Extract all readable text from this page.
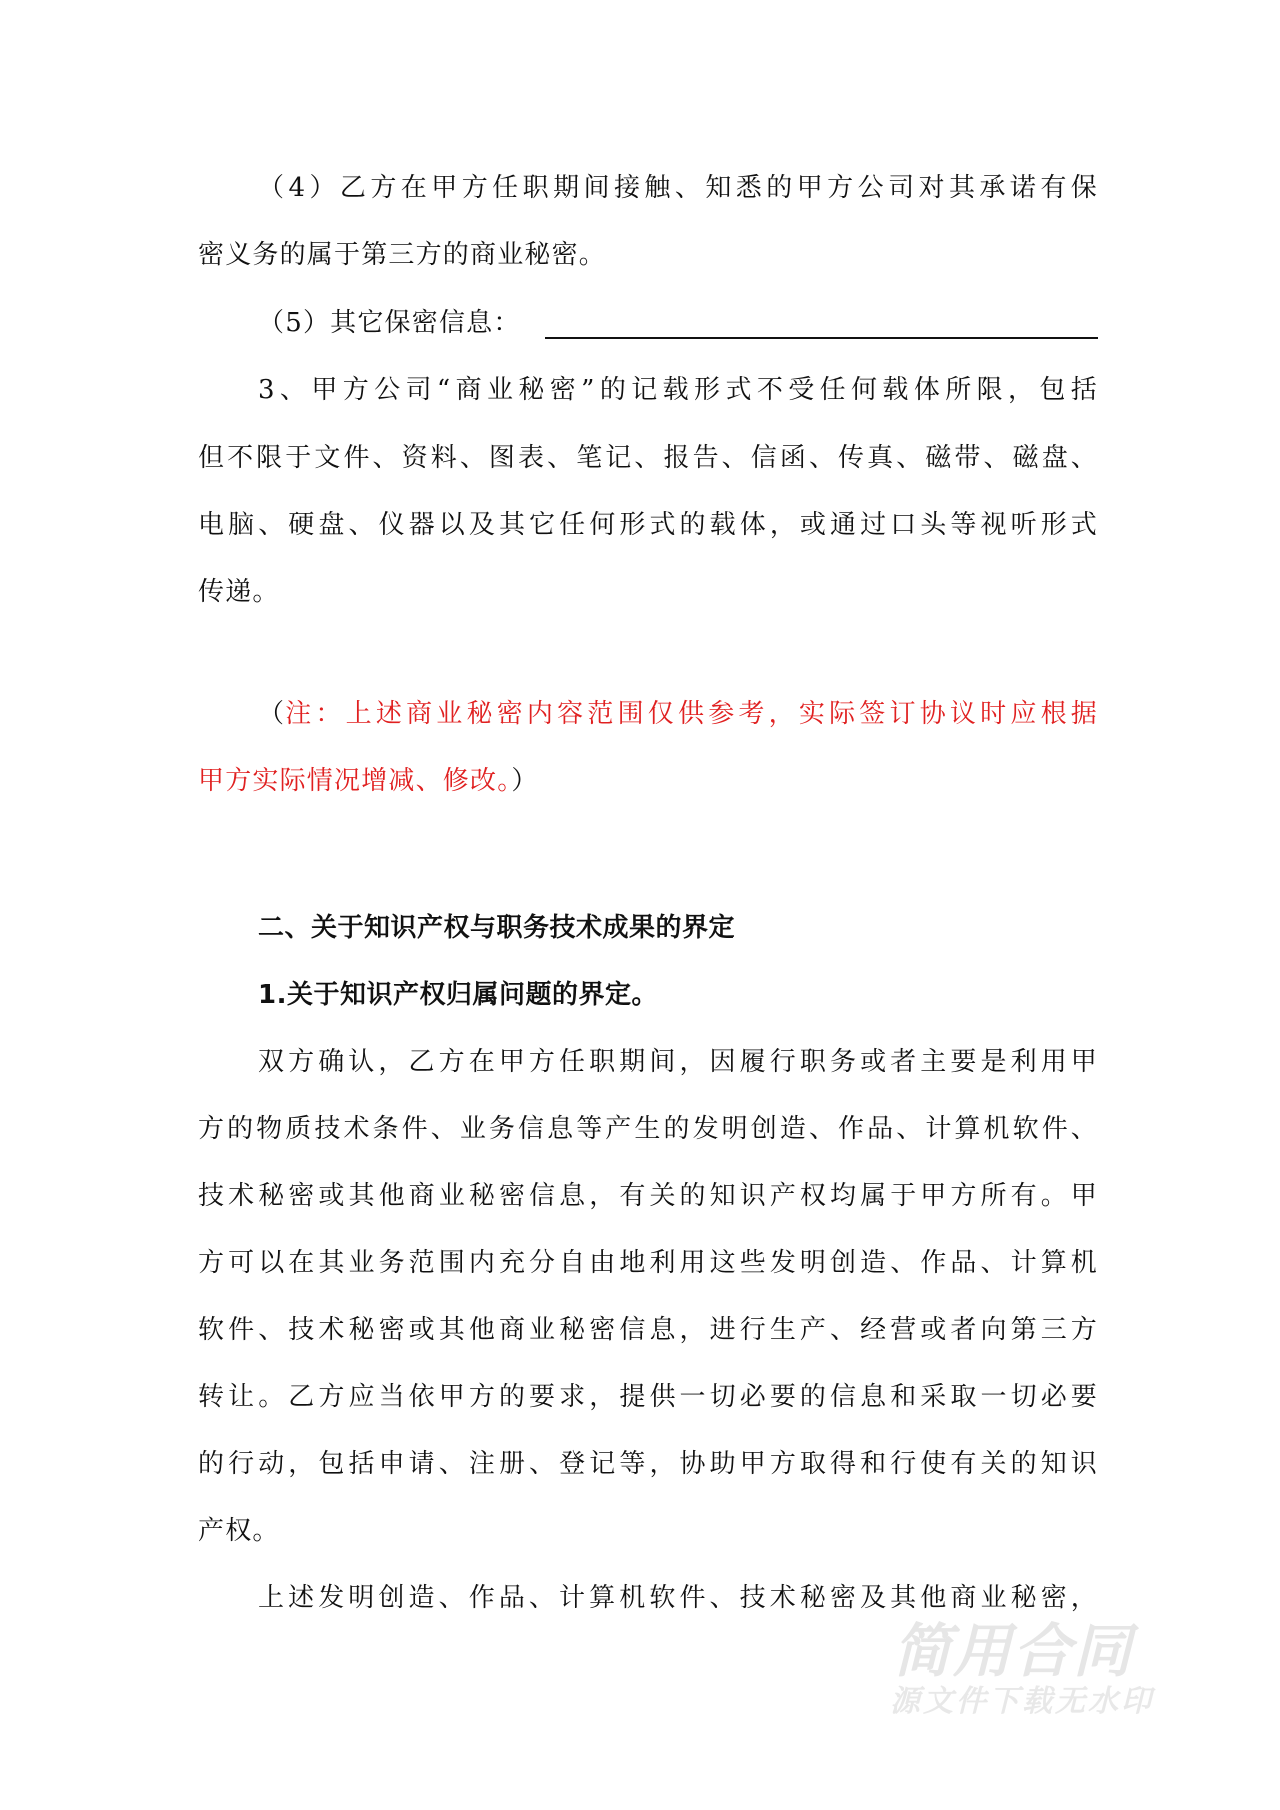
（4）乙方在甲方任职期间接触、知悉的甲方公司对其承诺有保
密义务的属于第三方的商业秘密。
（5）其它保密信息：
3、甲方公司“商业秘密”的记载形式不受任何载体所限，包括
但不限于文件、资料、图表、笔记、报告、信函、传真、磁带、磁盘、
电脑、硬盘、仪器以及其它任何形式的载体，或通过口头等视听形式
传递。
（ 注：上述商业秘密内容范围仅供参考，实际签订协议时应根据
甲方实际情况增减、修改。）
二、关于知识产权与职务技术成果的界定
1.关于知识产权归属问题的界定。
双方确认，乙方在甲方任职期间，因履行职务或者主要是利用甲
方的物质技术条件、业务信息等产生的发明创造、作品、计算机软件、
技术秘密或其他商业秘密信息，有关的知识产权均属于甲方所有。甲
方可以在其业务范围内充分自由地利用这些发明创造、作品、计算机
软件、技术秘密或其他商业秘密信息，进行生产、经营或者向第三方
转让。乙方应当依甲方的要求，提供一切必要的信息和采取一切必要
的行动，包括申请、注册、登记等，协助甲方取得和行使有关的知识
产权。
上述发明创造、作品、计算机软件、技术秘密及其他商业秘密，
简用合同
源文件下载无水印
